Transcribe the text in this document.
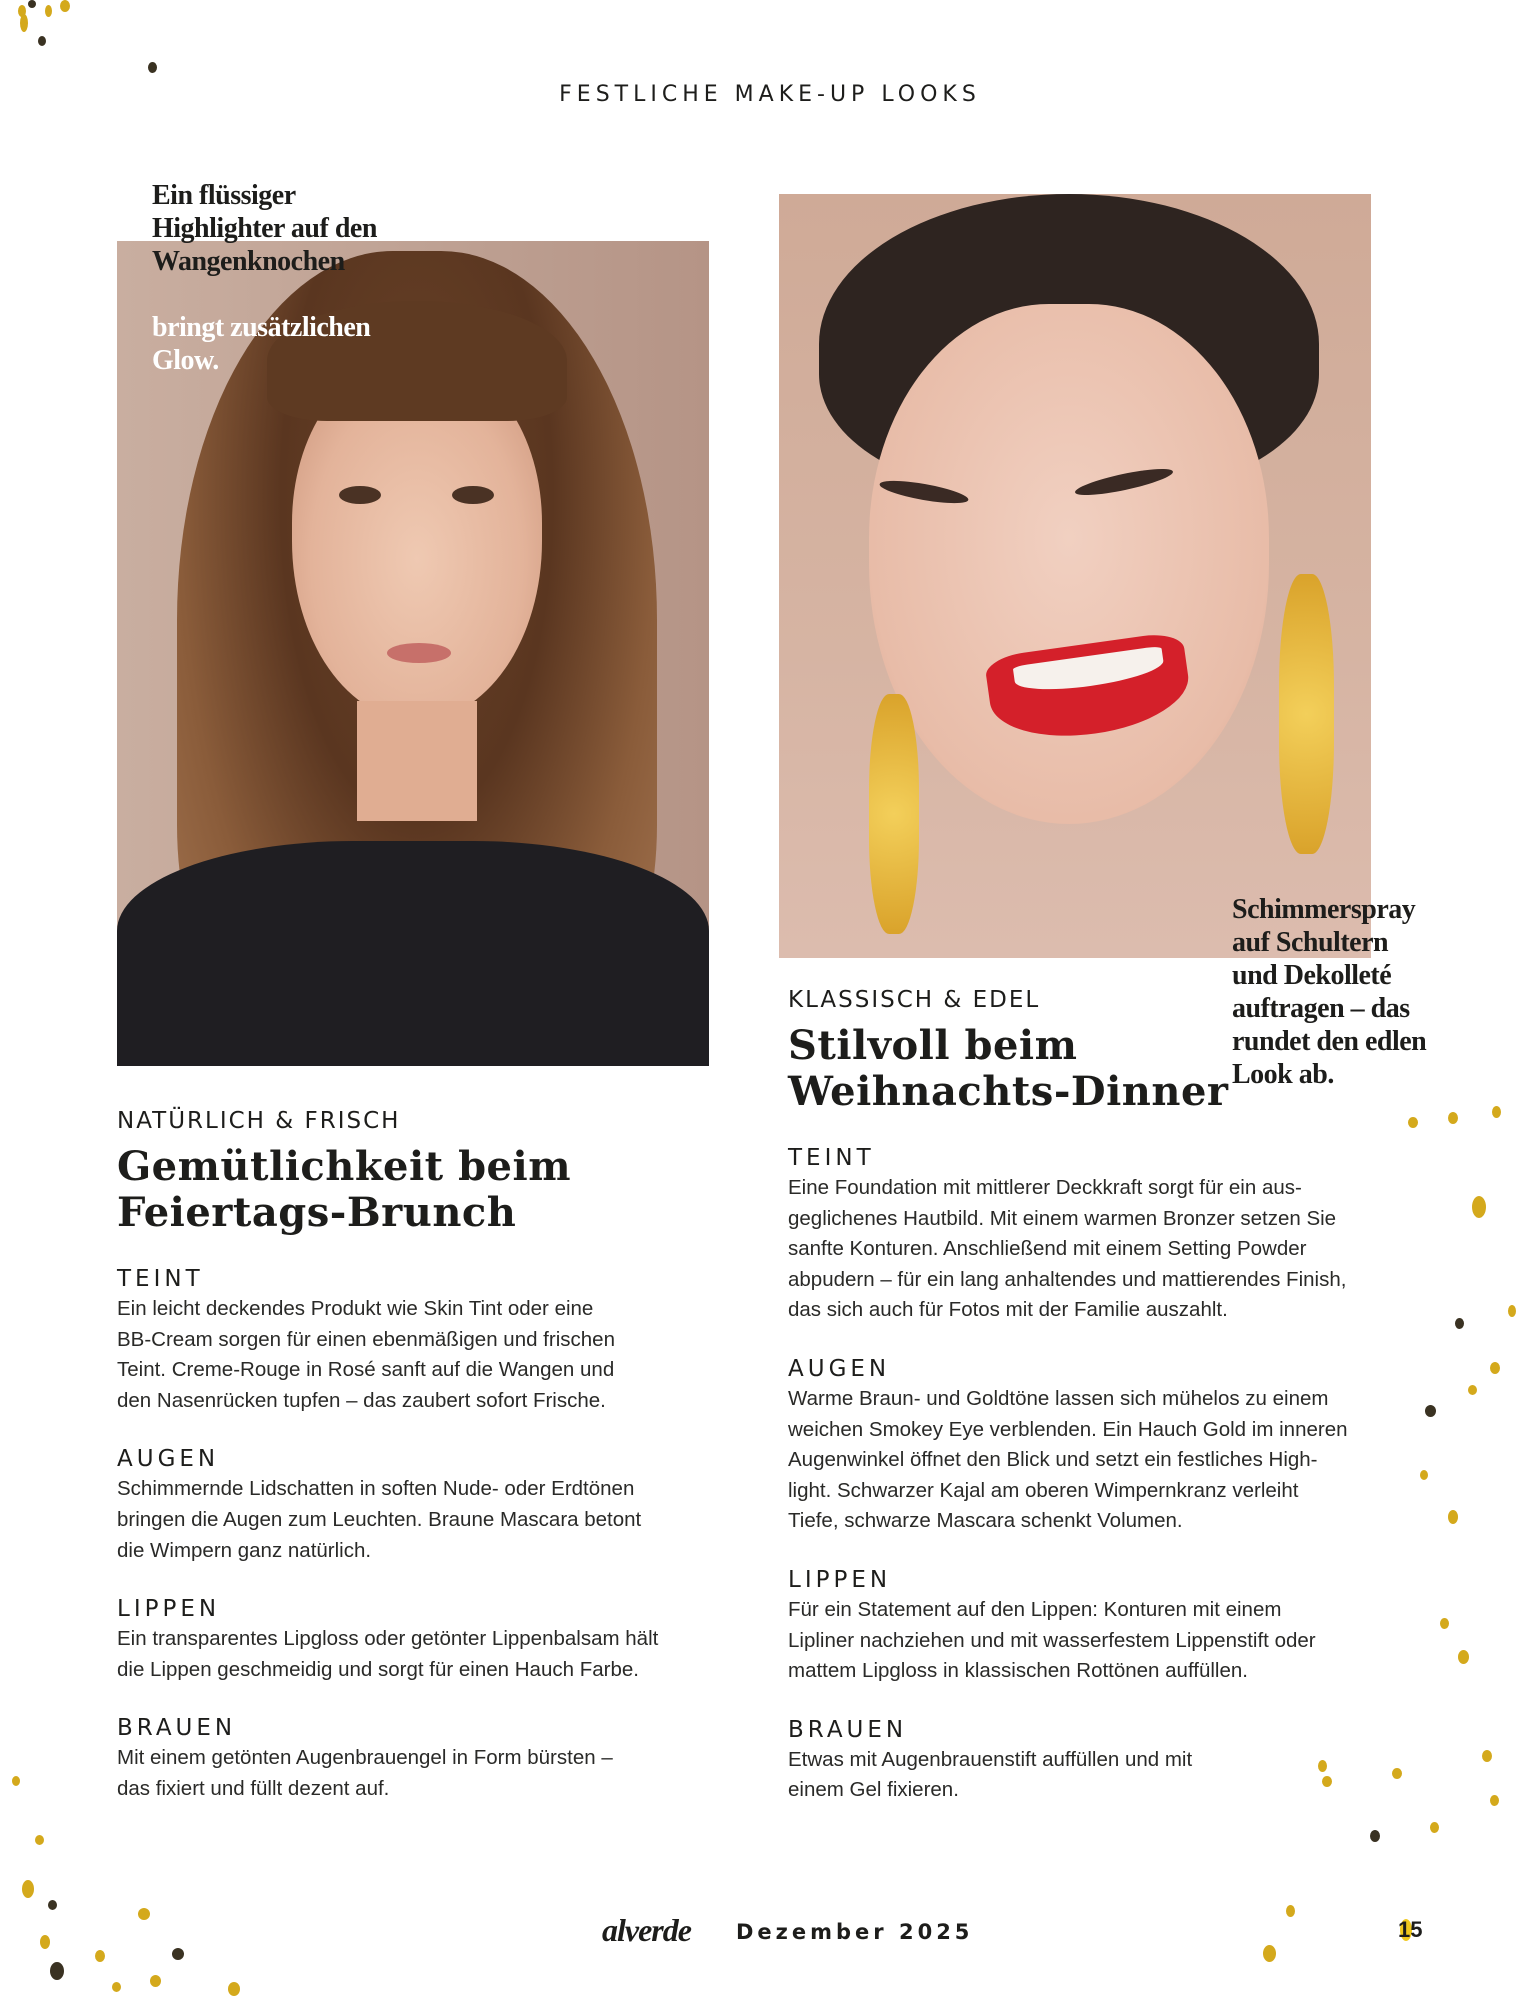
FESTLICHE MAKE-UP LOOKS

Ein flüssiger
Highlighter auf den
Wangenknochen

bringt zusätzlichen
Glow.

Schimmerspray
auf Schultern
und Dekolleté
auftragen – das
rundet den edlen
Look ab.
NATÜRLICH & FRISCH
Gemütlichkeit beim
Feiertags-Brunch
TEINT
Ein leicht deckendes Produkt wie Skin Tint oder eine
BB-Cream sorgen für einen ebenmäßigen und frischen
Teint. Creme-Rouge in Rosé sanft auf die Wangen und
den Nasenrücken tupfen – das zaubert sofort Frische.
AUGEN
Schimmernde Lidschatten in soften Nude- oder Erdtönen
bringen die Augen zum Leuchten. Braune Mascara betont
die Wimpern ganz natürlich.
LIPPEN
Ein transparentes Lipgloss oder getönter Lippenbalsam hält
die Lippen geschmeidig und sorgt für einen Hauch Farbe.
BRAUEN
Mit einem getönten Augenbrauengel in Form bürsten –
das fixiert und füllt dezent auf.
KLASSISCH & EDEL
Stilvoll beim
Weihnachts-Dinner
TEINT
Eine Foundation mit mittlerer Deckkraft sorgt für ein aus-
geglichenes Hautbild. Mit einem warmen Bronzer setzen Sie
sanfte Konturen. Anschließend mit einem Setting Powder
abpudern – für ein lang anhaltendes und mattierendes Finish,
das sich auch für Fotos mit der Familie auszahlt.
AUGEN
Warme Braun- und Goldtöne lassen sich mühelos zu einem
weichen Smokey Eye verblenden. Ein Hauch Gold im inneren
Augenwinkel öffnet den Blick und setzt ein festliches High-
light. Schwarzer Kajal am oberen Wimpernkranz verleiht
Tiefe, schwarze Mascara schenkt Volumen.
LIPPEN
Für ein Statement auf den Lippen: Konturen mit einem
Lipliner nachziehen und mit wasserfestem Lippenstift oder
mattem Lipgloss in klassischen Rottönen auffüllen.
BRAUEN
Etwas mit Augenbrauenstift auffüllen und mit
einem Gel fixieren.
alverde Dezember 2025	15
